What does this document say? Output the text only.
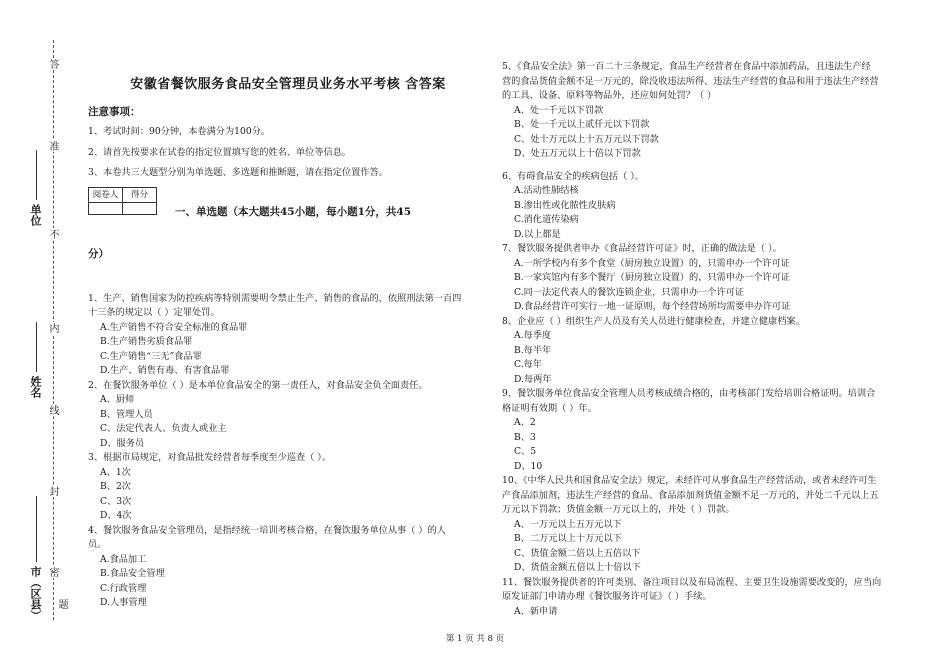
答
准
不
内
线
封
密
题
单位
姓名
市（区县）

安徽省餐饮服务食品安全管理员业务水平考核 含答案

注意事项：

1、考试时间：90分钟，本卷满分为100分。

2、请首先按要求在试卷的指定位置填写您的姓名、单位等信息。

3、本卷共三大题型分别为单选题、多选题和推断题，请在指定位置作答。

阅卷人	得分

一、单选题（本大题共45小题，每小题1分，共45

分）

1、生产、销售国家为防控疾病等特别需要明令禁止生产、销售的食品的，依照刑法第一百四

十三条的规定以（ ）定罪处罚。

A.生产销售不符合安全标准的食品罪

B.生产销售劣质食品罪

C.生产销售“三无”食品罪

D.生产、销售有毒、有害食品罪

2、在餐饮服务单位（ ）是本单位食品安全的第一责任人，对食品安全负全面责任。

A、厨师

B、管理人员

C、法定代表人、负责人或业主

D、服务员

3、根据市局规定，对食品批发经营者每季度至少巡查（ ）。

A、1次

B、2次

C、3次

D、4次

4、餐饮服务食品安全管理员，是指经统一培训考核合格，在餐饮服务单位从事（ ）的人

员。

A.食品加工

B.食品安全管理

C.行政管理

D.人事管理

5、《食品安全法》第一百二十三条规定，食品生产经营者在食品中添加药品，且违法生产经

营的食品货值金额不足一万元的，除没收违法所得、违法生产经营的食品和用于违法生产经营

的工具、设备、原料等物品外，还应如何处罚？（ ）

A、处一千元以下罚款

B、处一千元以上贰仟元以下罚款

C、处十万元以上十五万元以下罚款

D、处五万元以上十倍以下罚款

6、有碍食品安全的疾病包括（ ）。

A.活动性肺结核

B.渗出性或化脓性皮肤病

C.消化道传染病

D.以上都是

7、餐饮服务提供者申办《食品经营许可证》时，正确的做法是（ ）。

A.一所学校内有多个食堂（厨房独立设置）的，只需申办一个许可证

B.一家宾馆内有多个餐厅（厨房独立设置）的，只需申办一个许可证

C.同一法定代表人的餐饮连锁企业，只需申办一个许可证

D.食品经营许可实行一地一证原则，每个经营场所均需要申办许可证

8、企业应（ ）组织生产人员及有关人员进行健康检查，并建立健康档案。

A.每季度

B.每半年

C.每年

D.每两年

9、餐饮服务单位食品安全管理人员考核成绩合格的，由考核部门发给培训合格证明。培训合

格证明有效期（ ）年。

A、2

B、3

C、5

D、10

10、《中华人民共和国食品安全法》规定，未经许可从事食品生产经营活动，或者未经许可生

产食品添加剂，违法生产经营的食品、食品添加剂货值金额不足一万元的，并处二千元以上五

万元以下罚款；货值金额一万元以上的，并处（ ）罚款。

A、一万元以上五万元以下

B、二万元以上十万元以下

C、货值金额二倍以上五倍以下

D、货值金额五倍以上十倍以下

11、餐饮服务提供者的许可类别、备注项目以及布局流程、主要卫生设施需要改变的，应当向

原发证部门申请办理《餐饮服务许可证》（ ）手续。

A、新申请

第 1 页 共 8 页
